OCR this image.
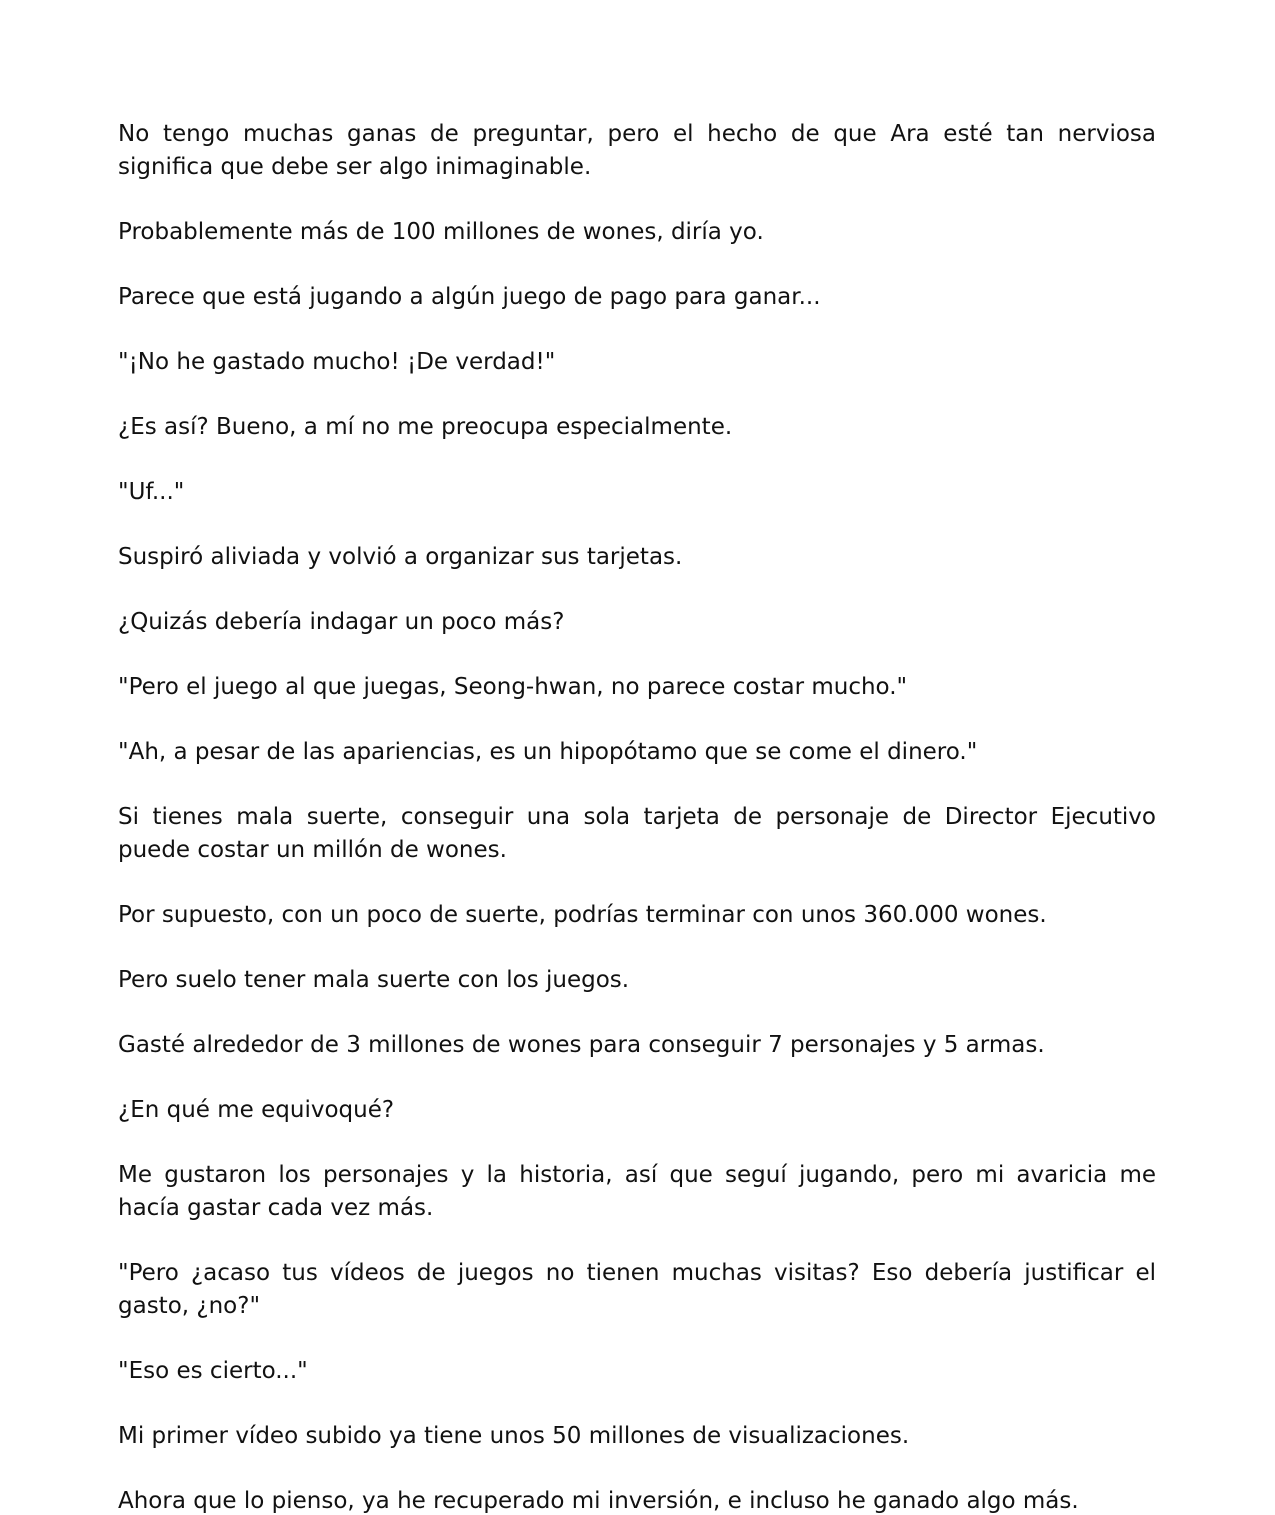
No tengo muchas ganas de preguntar, pero el hecho de que Ara esté tan nerviosa significa que debe ser algo inimaginable.

Probablemente más de 100 millones de wones, diría yo.

Parece que está jugando a algún juego de pago para ganar...

"¡No he gastado mucho! ¡De verdad!"

¿Es así? Bueno, a mí no me preocupa especialmente.

"Uf..."

Suspiró aliviada y volvió a organizar sus tarjetas.

¿Quizás debería indagar un poco más?

"Pero el juego al que juegas, Seong-hwan, no parece costar mucho."

"Ah, a pesar de las apariencias, es un hipopótamo que se come el dinero."

Si tienes mala suerte, conseguir una sola tarjeta de personaje de Director Ejecutivo puede costar un millón de wones.

Por supuesto, con un poco de suerte, podrías terminar con unos 360.000 wones.

Pero suelo tener mala suerte con los juegos.

Gasté alrededor de 3 millones de wones para conseguir 7 personajes y 5 armas.

¿En qué me equivoqué?

Me gustaron los personajes y la historia, así que seguí jugando, pero mi avaricia me hacía gastar cada vez más.

"Pero ¿acaso tus vídeos de juegos no tienen muchas visitas? Eso debería justificar el gasto, ¿no?"

"Eso es cierto..."

Mi primer vídeo subido ya tiene unos 50 millones de visualizaciones.

Ahora que lo pienso, ya he recuperado mi inversión, e incluso he ganado algo más.
